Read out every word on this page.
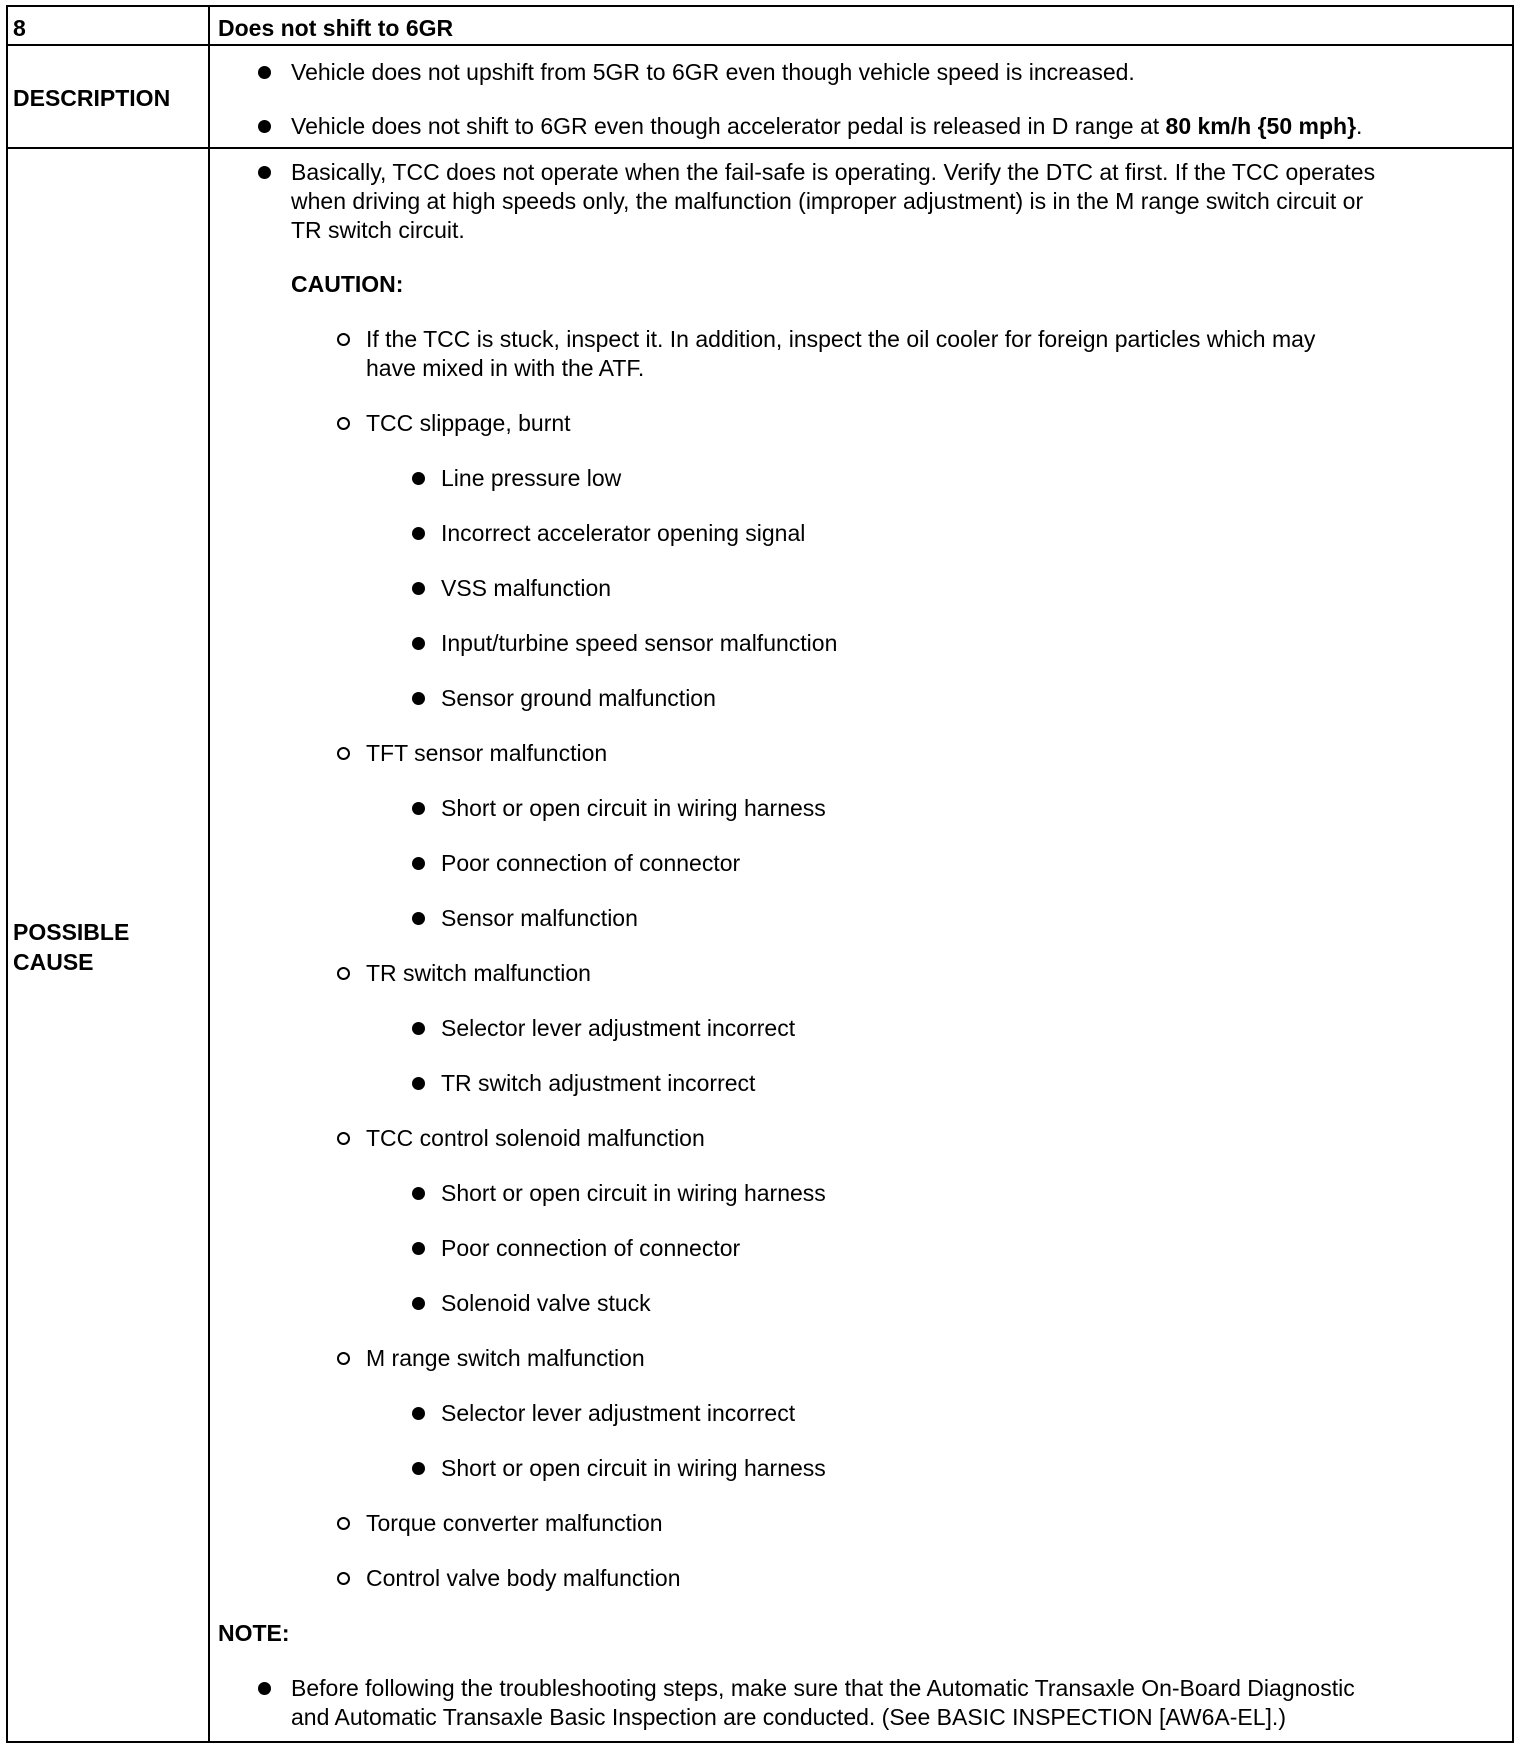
8	Does not shift to 6GR
DESCRIPTION
POSSIBLE
CAUSE
Vehicle does not upshift from 5GR to 6GR even though vehicle speed is increased.
Vehicle does not shift to 6GR even though accelerator pedal is released in D range at 80 km/h {50 mph}.
Basically, TCC does not operate when the fail-safe is operating. Verify the DTC at first. If the TCC operates
when driving at high speeds only, the malfunction (improper adjustment) is in the M range switch circuit or
TR switch circuit.
CAUTION:
If the TCC is stuck, inspect it. In addition, inspect the oil cooler for foreign particles which may
have mixed in with the ATF.
TCC slippage, burnt
Line pressure low
Incorrect accelerator opening signal
VSS malfunction
Input/turbine speed sensor malfunction
Sensor ground malfunction
TFT sensor malfunction
Short or open circuit in wiring harness
Poor connection of connector
Sensor malfunction
TR switch malfunction
Selector lever adjustment incorrect
TR switch adjustment incorrect
TCC control solenoid malfunction
Short or open circuit in wiring harness
Poor connection of connector
Solenoid valve stuck
M range switch malfunction
Selector lever adjustment incorrect
Short or open circuit in wiring harness
Torque converter malfunction
Control valve body malfunction
NOTE:
Before following the troubleshooting steps, make sure that the Automatic Transaxle On-Board Diagnostic
and Automatic Transaxle Basic Inspection are conducted. (See BASIC INSPECTION [AW6A-EL].)
